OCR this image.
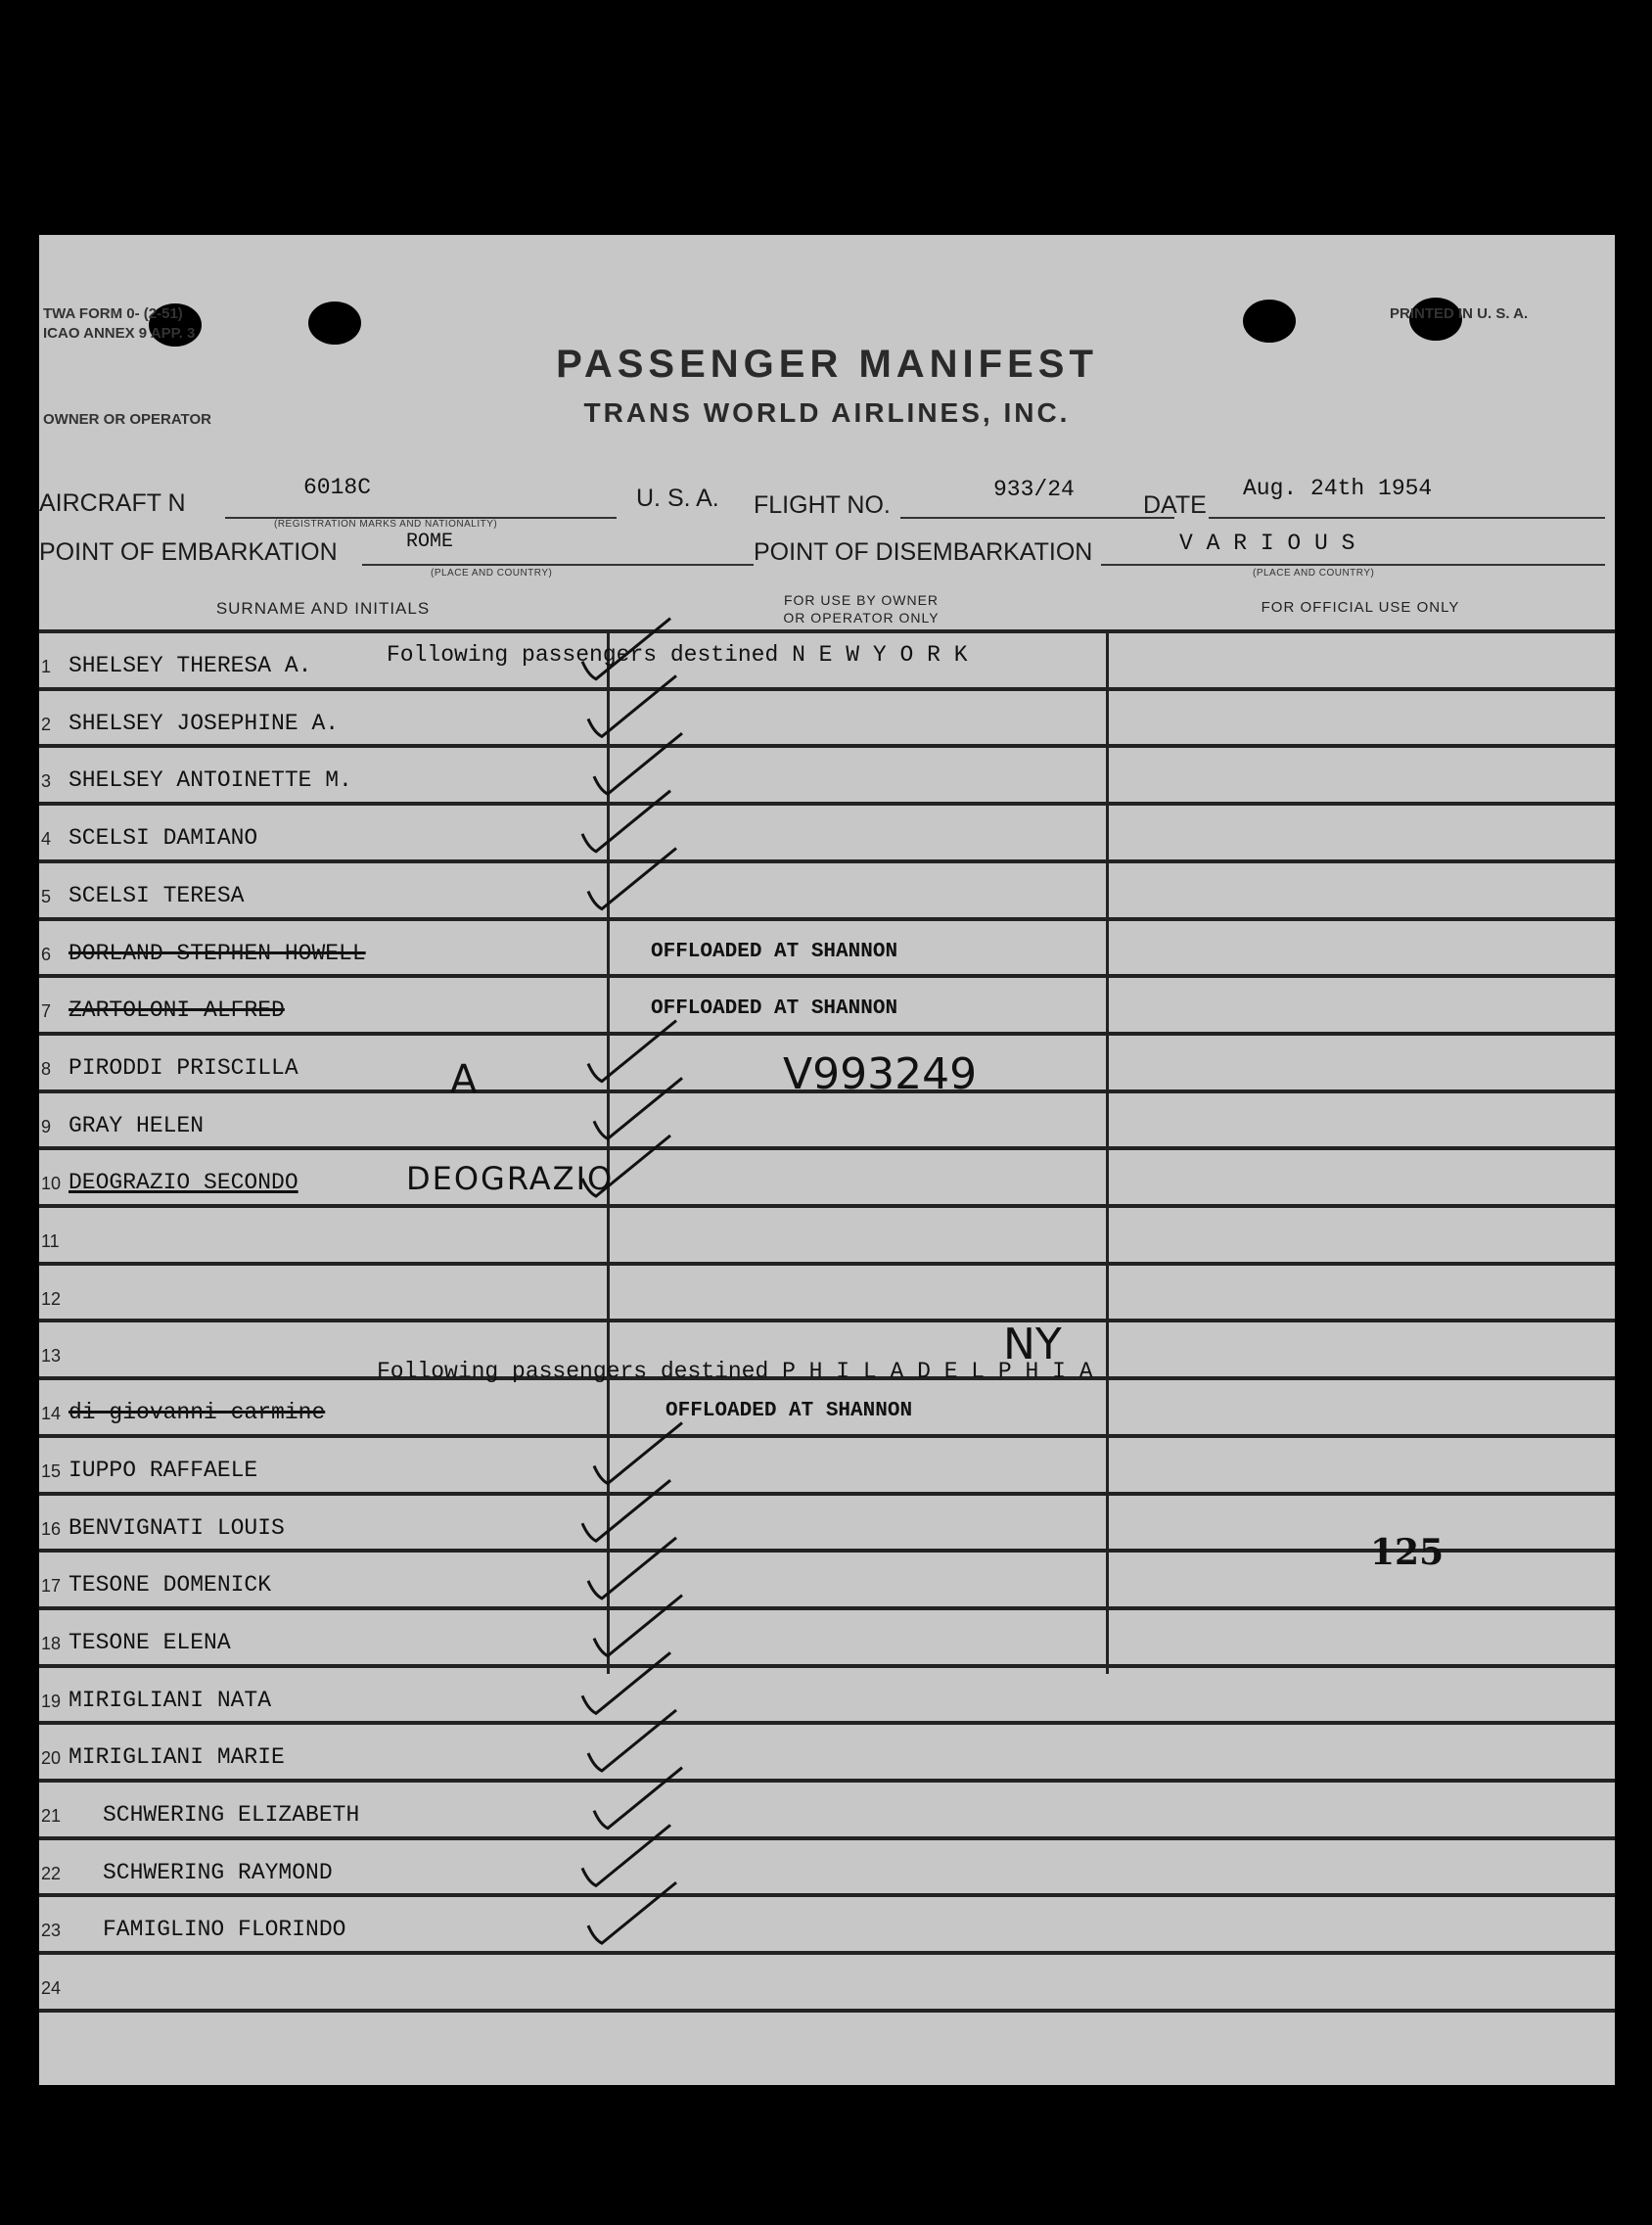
TWA FORM 0- (2-51)
ICAO ANNEX 9 APP. 3
PRINTED IN U. S. A.
PASSENGER MANIFEST
TRANS WORLD AIRLINES, INC.
OWNER OR OPERATOR
AIRCRAFT N
6018C
(REGISTRATION MARKS AND NATIONALITY)
U. S. A. FLIGHT NO.
933/24
DATE
Aug. 24th 1954
POINT OF EMBARKATION	ROME
(PLACE AND COUNTRY)
POINT OF DISEMBARKATION	V A R I O U S
(PLACE AND COUNTRY)
SURNAME AND INITIALS	FOR USE BY OWNER
OR OPERATOR ONLY
FOR OFFICIAL USE ONLY
1 SHELSEY THERESA A.
2 SHELSEY JOSEPHINE A.
3 SHELSEY ANTOINETTE M.
4 SCELSI DAMIANO
5 SCELSI TERESA
6 DORLAND STEPHEN HOWELL	OFFLOADED AT SHANNON
7 ZARTOLONI ALFRED	OFFLOADED AT SHANNON
8 PIRODDI PRISCILLA
9 GRAY HELEN
10 DEOGRAZIO SECONDO
11
12
13
14 di giovanni carmine	OFFLOADED AT SHANNON
15 IUPPO RAFFAELE
16 BENVIGNATI LOUIS
17 TESONE DOMENICK
18 TESONE ELENA
19 MIRIGLIANI NATA
20 MIRIGLIANI MARIE
21 SCHWERING ELIZABETH
22 SCHWERING RAYMOND
23 FAMIGLINO FLORINDO
24
Following passengers destined N E W Y O R K
Following passengers destined P H I L A D E L P H I A
A	V993249
DEOGRAZIO
NY
125
